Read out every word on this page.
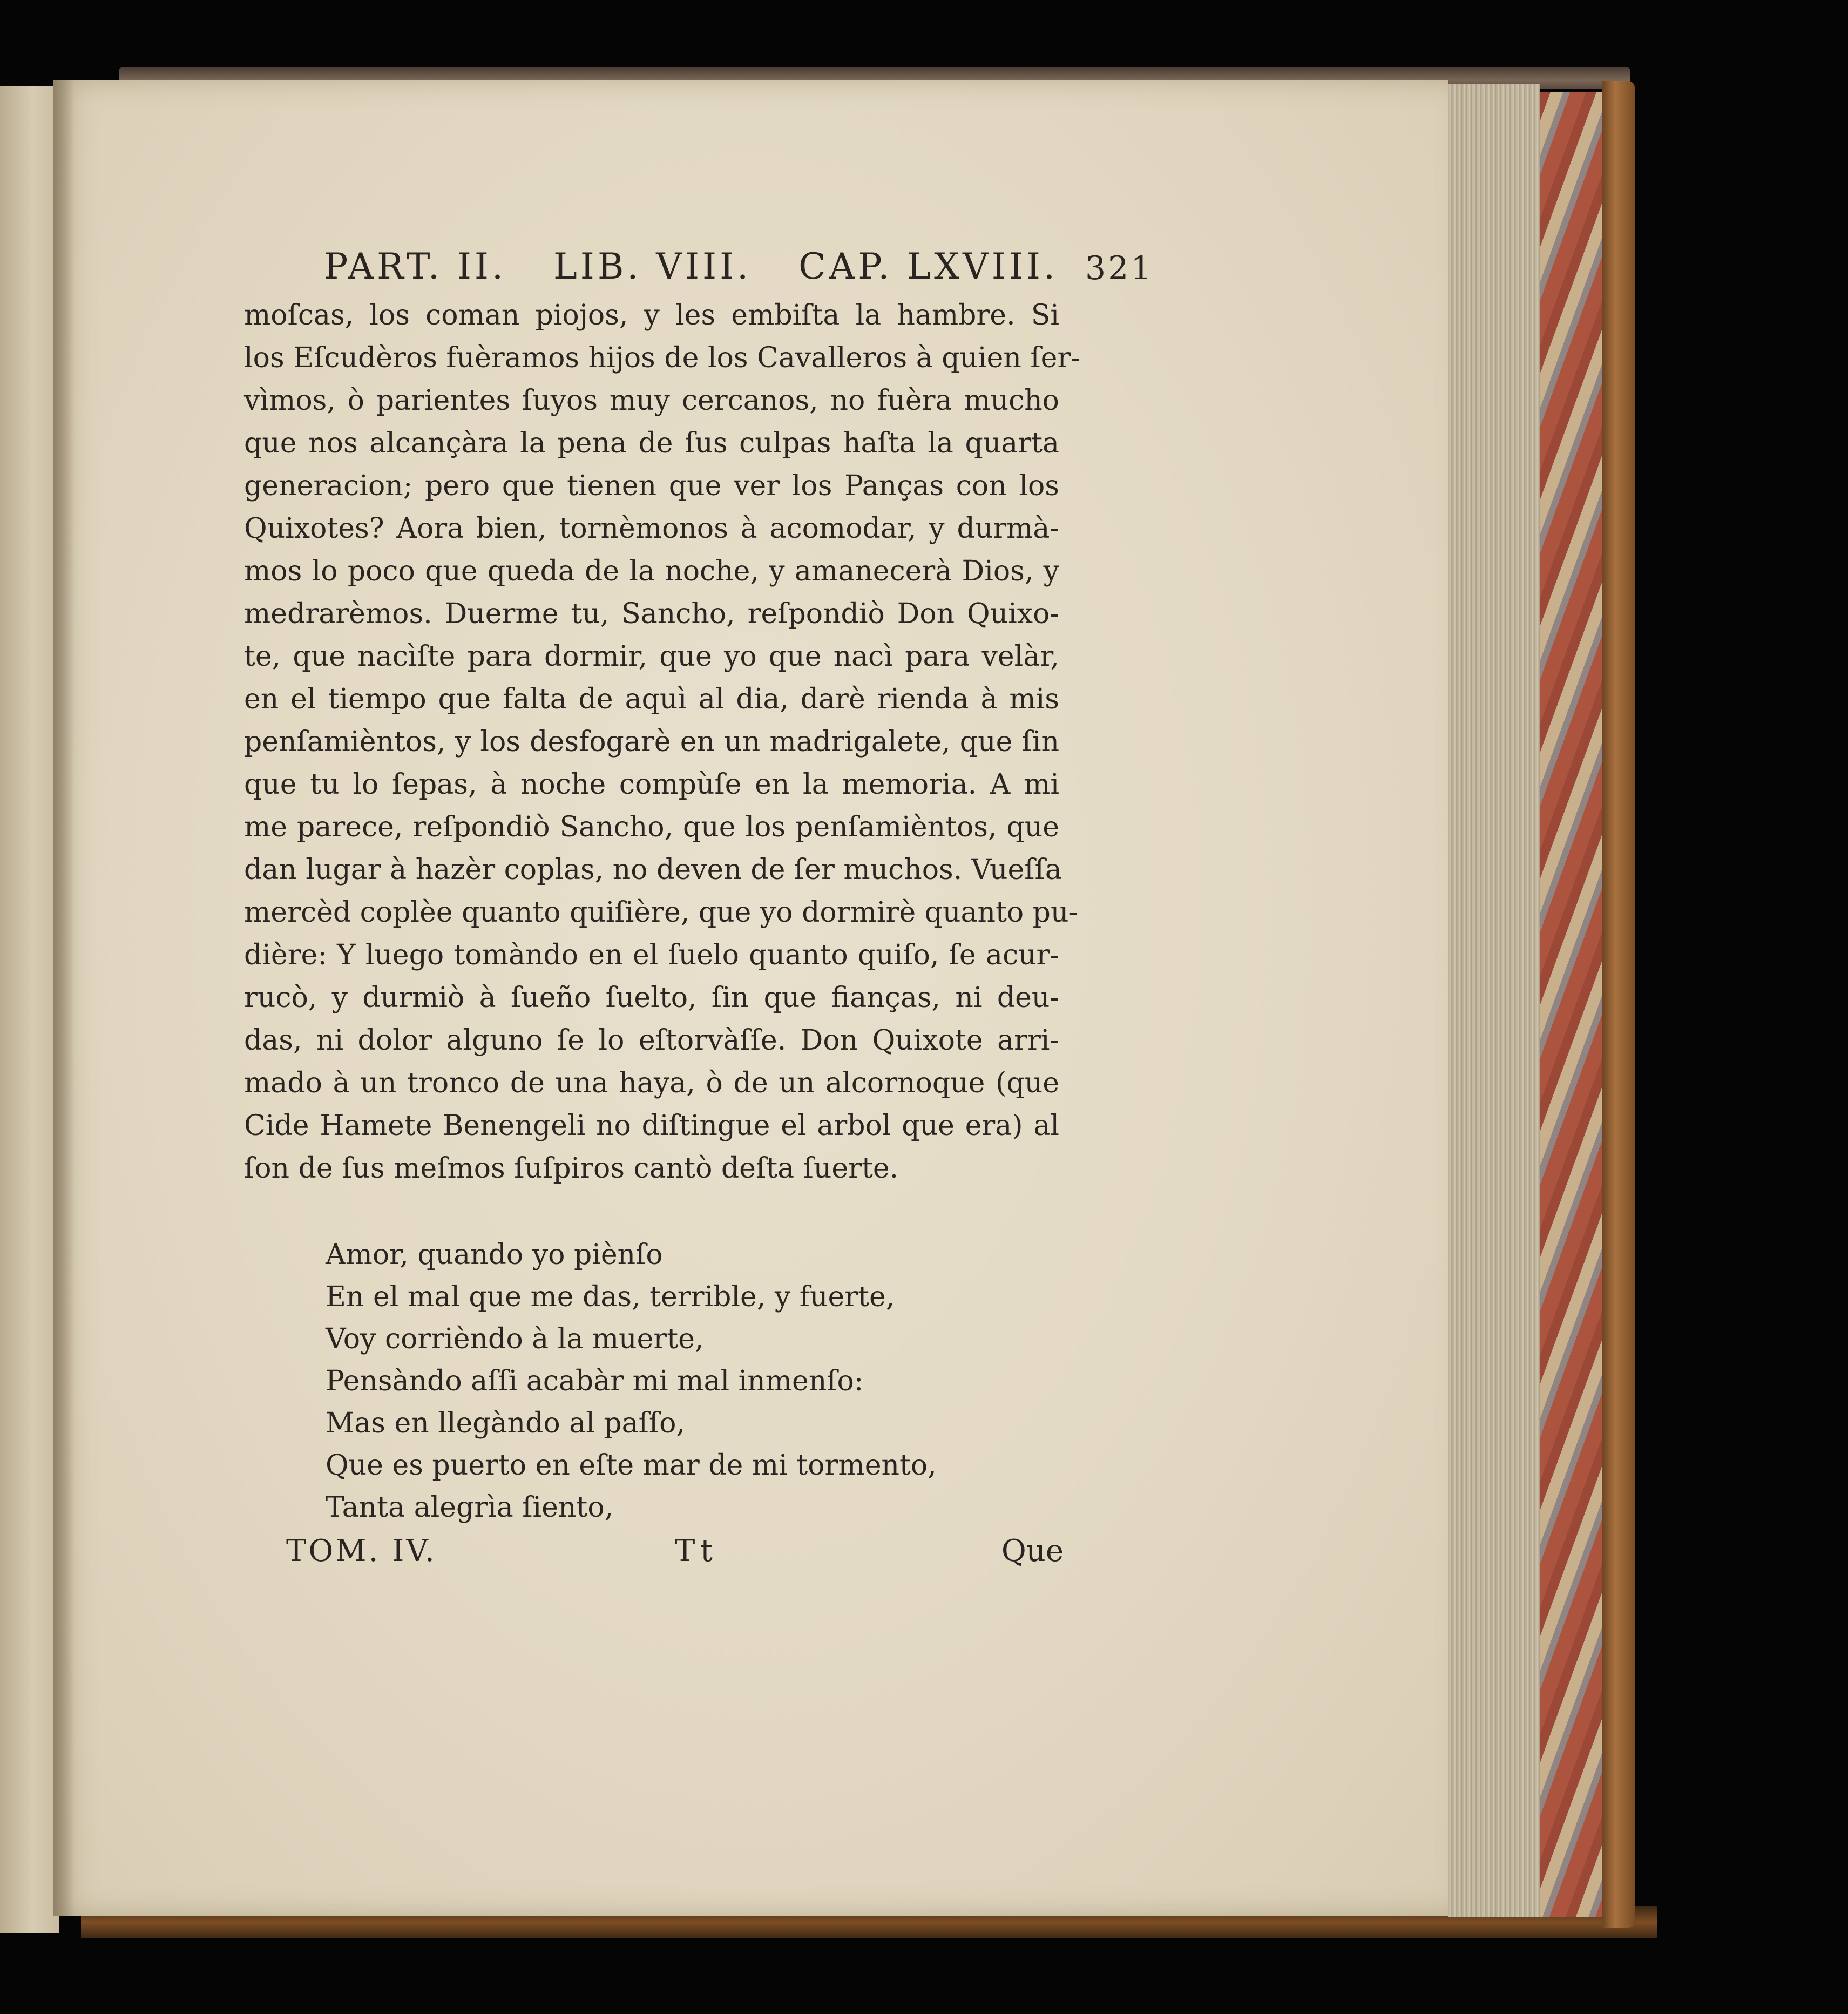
PART. II. LIB. VIII. CAP. LXVIII. 321
moſcas, los coman piojos, y les embiſta la hambre. Si
los Eſcudèros fuèramos hijos de los Cavalleros à quien ſer-
vìmos, ò parientes ſuyos muy cercanos, no fuèra mucho
que nos alcançàra la pena de ſus culpas haſta la quarta
generacion; pero que tienen que ver los Panças con los
Quixotes? Aora bien, tornèmonos à acomodar, y durmà-
mos lo poco que queda de la noche, y amanecerà Dios, y
medrarèmos. Duerme tu, Sancho, reſpondiò Don Quixo-
te, que nacìſte para dormir, que yo que nacì para velàr,
en el tiempo que falta de aquì al dia, darè rienda à mis
penſamièntos, y los desfogarè en un madrigalete, que ſin
que tu lo ſepas, à noche compùſe en la memoria. A mi
me parece, reſpondiò Sancho, que los penſamièntos, que
dan lugar à hazèr coplas, no deven de ſer muchos. Vueſſa
mercèd coplèe quanto quiſière, que yo dormirè quanto pu-
dière: Y luego tomàndo en el ſuelo quanto quiſo, ſe acur-
rucò, y durmiò à ſueño ſuelto, ſin que fianças, ni deu-
das, ni dolor alguno ſe lo eſtorvàſſe. Don Quixote arri-
mado à un tronco de una haya, ò de un alcornoque (que
Cide Hamete Benengeli no diſtingue el arbol que era) al
ſon de ſus meſmos ſuſpiros cantò deſta ſuerte.
Amor, quando yo piènſo
En el mal que me das, terrible, y fuerte,
Voy corrièndo à la muerte,
Pensàndo aſſi acabàr mi mal inmenſo:
Mas en llegàndo al paſſo,
Que es puerto en eſte mar de mi tormento,
Tanta alegrìa ſiento,
TOM. IV.	Tt	Que
